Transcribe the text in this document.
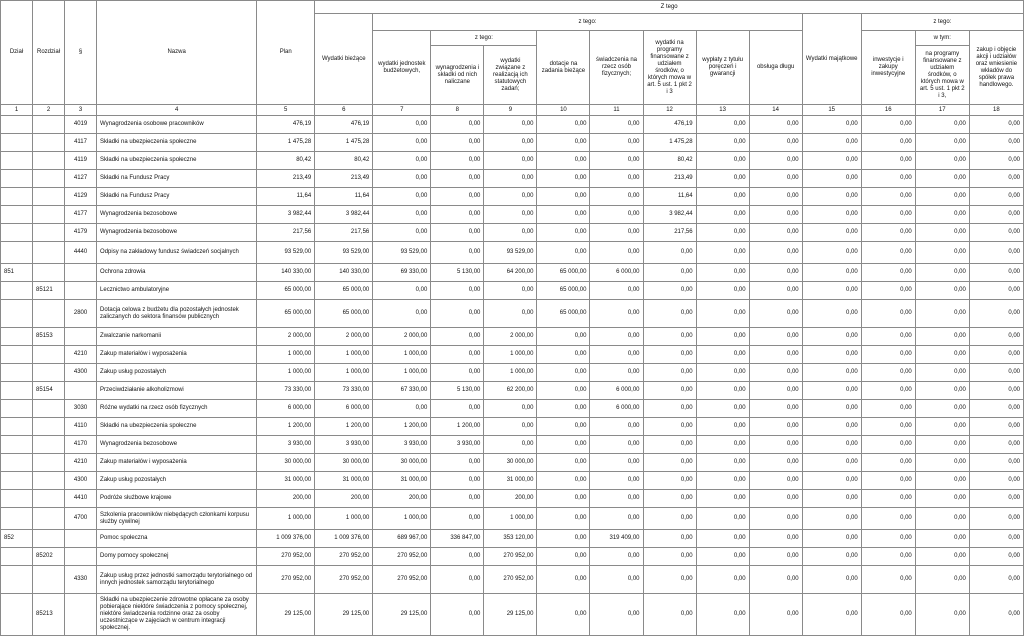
Dział	Rozdział	§	Nazwa	Plan	Z tego												
					Wydatki bieżące	z tego:								Wydatki majątkowe	z tego:		
						wydatki jednostek budżetowych,	z tego:		dotacje na zadania bieżące	świadczenia na rzecz osób fizycznych;	wydatki na programy finansowane z udziałem środków, o których mowa w art. 5 ust. 1 pkt 2 i 3	wypłaty z tytułu poręczeń i gwarancji	obsługa długu		inwestycje i zakupy inwestycyjne	w tym:	zakup i objęcie akcji i udziałów oraz wniesienie wkładów do spółek prawa handlowego.
							wynagrodzenia i składki od nich naliczane	wydatki związane z realizacją ich statutowych zadań;								na programy finansowane z udziałem środków, o których mowa w art. 5 ust. 1 pkt 2 i 3,	
1	2	3	4	5	6	7	8	9	10	11	12	13	14	15	16	17	18
		4019	Wynagrodzenia osobowe pracowników	476,19	476,19	0,00	0,00	0,00	0,00	0,00	476,19	0,00	0,00	0,00	0,00	0,00	0,00
		4117	Składki na ubezpieczenia społeczne	1 475,28	1 475,28	0,00	0,00	0,00	0,00	0,00	1 475,28	0,00	0,00	0,00	0,00	0,00	0,00
		4119	Składki na ubezpieczenia społeczne	80,42	80,42	0,00	0,00	0,00	0,00	0,00	80,42	0,00	0,00	0,00	0,00	0,00	0,00
		4127	Składki na Fundusz Pracy	213,49	213,49	0,00	0,00	0,00	0,00	0,00	213,49	0,00	0,00	0,00	0,00	0,00	0,00
		4129	Składki na Fundusz Pracy	11,64	11,64	0,00	0,00	0,00	0,00	0,00	11,64	0,00	0,00	0,00	0,00	0,00	0,00
		4177	Wynagrodzenia bezosobowe	3 982,44	3 982,44	0,00	0,00	0,00	0,00	0,00	3 982,44	0,00	0,00	0,00	0,00	0,00	0,00
		4179	Wynagrodzenia bezosobowe	217,56	217,56	0,00	0,00	0,00	0,00	0,00	217,56	0,00	0,00	0,00	0,00	0,00	0,00
		4440	Odpisy na zakładowy fundusz świadczeń socjalnych	93 529,00	93 529,00	93 529,00	0,00	93 529,00	0,00	0,00	0,00	0,00	0,00	0,00	0,00	0,00	0,00
851			Ochrona zdrowia	140 330,00	140 330,00	69 330,00	5 130,00	64 200,00	65 000,00	6 000,00	0,00	0,00	0,00	0,00	0,00	0,00	0,00
	85121		Lecznictwo ambulatoryjne	65 000,00	65 000,00	0,00	0,00	0,00	65 000,00	0,00	0,00	0,00	0,00	0,00	0,00	0,00	0,00
		2800	Dotacja celowa z budżetu dla pozostałych jednostek zaliczanych do sektora finansów publicznych	65 000,00	65 000,00	0,00	0,00	0,00	65 000,00	0,00	0,00	0,00	0,00	0,00	0,00	0,00	0,00
	85153		Zwalczanie narkomanii	2 000,00	2 000,00	2 000,00	0,00	2 000,00	0,00	0,00	0,00	0,00	0,00	0,00	0,00	0,00	0,00
		4210	Zakup materiałów i wyposażenia	1 000,00	1 000,00	1 000,00	0,00	1 000,00	0,00	0,00	0,00	0,00	0,00	0,00	0,00	0,00	0,00
		4300	Zakup usług pozostałych	1 000,00	1 000,00	1 000,00	0,00	1 000,00	0,00	0,00	0,00	0,00	0,00	0,00	0,00	0,00	0,00
	85154		Przeciwdziałanie alkoholizmowi	73 330,00	73 330,00	67 330,00	5 130,00	62 200,00	0,00	6 000,00	0,00	0,00	0,00	0,00	0,00	0,00	0,00
		3030	Różne wydatki na rzecz osób fizycznych	6 000,00	6 000,00	0,00	0,00	0,00	0,00	6 000,00	0,00	0,00	0,00	0,00	0,00	0,00	0,00
		4110	Składki na ubezpieczenia społeczne	1 200,00	1 200,00	1 200,00	1 200,00	0,00	0,00	0,00	0,00	0,00	0,00	0,00	0,00	0,00	0,00
		4170	Wynagrodzenia bezosobowe	3 930,00	3 930,00	3 930,00	3 930,00	0,00	0,00	0,00	0,00	0,00	0,00	0,00	0,00	0,00	0,00
		4210	Zakup materiałów i wyposażenia	30 000,00	30 000,00	30 000,00	0,00	30 000,00	0,00	0,00	0,00	0,00	0,00	0,00	0,00	0,00	0,00
		4300	Zakup usług pozostałych	31 000,00	31 000,00	31 000,00	0,00	31 000,00	0,00	0,00	0,00	0,00	0,00	0,00	0,00	0,00	0,00
		4410	Podróże służbowe krajowe	200,00	200,00	200,00	0,00	200,00	0,00	0,00	0,00	0,00	0,00	0,00	0,00	0,00	0,00
		4700	Szkolenia pracowników niebędących członkami korpusu służby cywilnej	1 000,00	1 000,00	1 000,00	0,00	1 000,00	0,00	0,00	0,00	0,00	0,00	0,00	0,00	0,00	0,00
852			Pomoc społeczna	1 009 376,00	1 009 376,00	689 967,00	336 847,00	353 120,00	0,00	319 409,00	0,00	0,00	0,00	0,00	0,00	0,00	0,00
	85202		Domy pomocy społecznej	270 952,00	270 952,00	270 952,00	0,00	270 952,00	0,00	0,00	0,00	0,00	0,00	0,00	0,00	0,00	0,00
		4330	Zakup usług przez jednostki samorządu terytorialnego od innych jednostek samorządu terytorialnego	270 952,00	270 952,00	270 952,00	0,00	270 952,00	0,00	0,00	0,00	0,00	0,00	0,00	0,00	0,00	0,00
	85213		Składki na ubezpieczenie zdrowotne opłacane za osoby pobierające niektóre świadczenia z pomocy społecznej, niektóre świadczenia rodzinne oraz za osoby uczestniczące w zajęciach w centrum integracji społecznej.	29 125,00	29 125,00	29 125,00	0,00	29 125,00	0,00	0,00	0,00	0,00	0,00	0,00	0,00	0,00	0,00
